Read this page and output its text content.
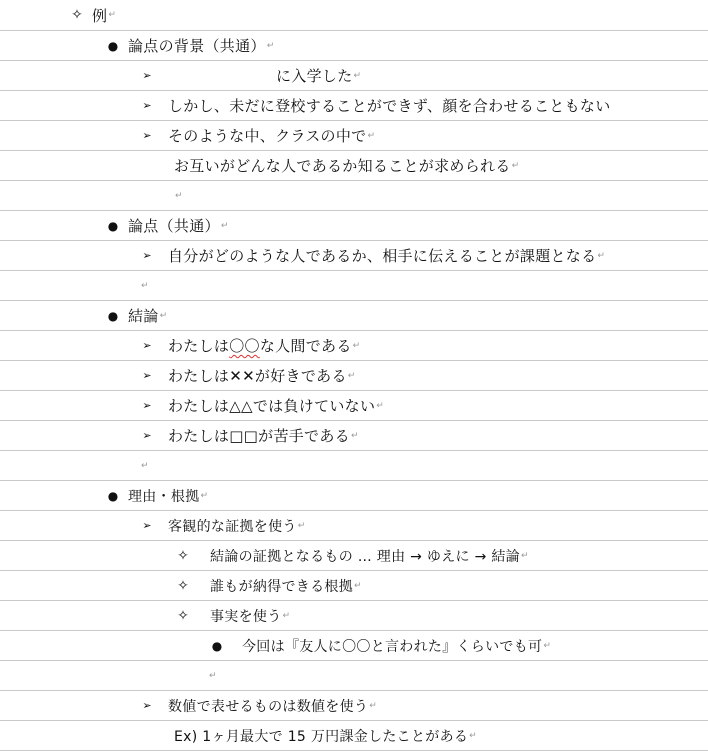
✧ 例 ↵
● 論点の背景（共通） ↵
➢	に入学した ↵
➢	しかし、未だに登校することができず、顔を合わせることもない
➢	そのような中、クラスの中で ↵
お互いがどんな人であるか知ることが求められる ↵
↵
● 論点（共通） ↵
➢	自分がどのような人であるか、相手に伝えることが課題となる ↵
↵
● 結論 ↵
➢	わたしは 〇〇 な人間である ↵
➢	わたしは✕✕が好きである ↵
➢	わたしは△△では負けていない ↵
➢	わたしは□□が苦手である ↵
↵
● 理由・根拠 ↵
➢	客観的な証拠を使う ↵
✧	結論の証拠となるもの … 理由 → ゆえに → 結論 ↵
✧	誰もが納得できる根拠 ↵
✧	事実を使う ↵
●	今回は『友人に〇〇と言われた』くらいでも可 ↵
↵
➢	数値で表せるものは数値を使う ↵
Ex) 1ヶ月最大で 15 万円課金したことがある ↵
